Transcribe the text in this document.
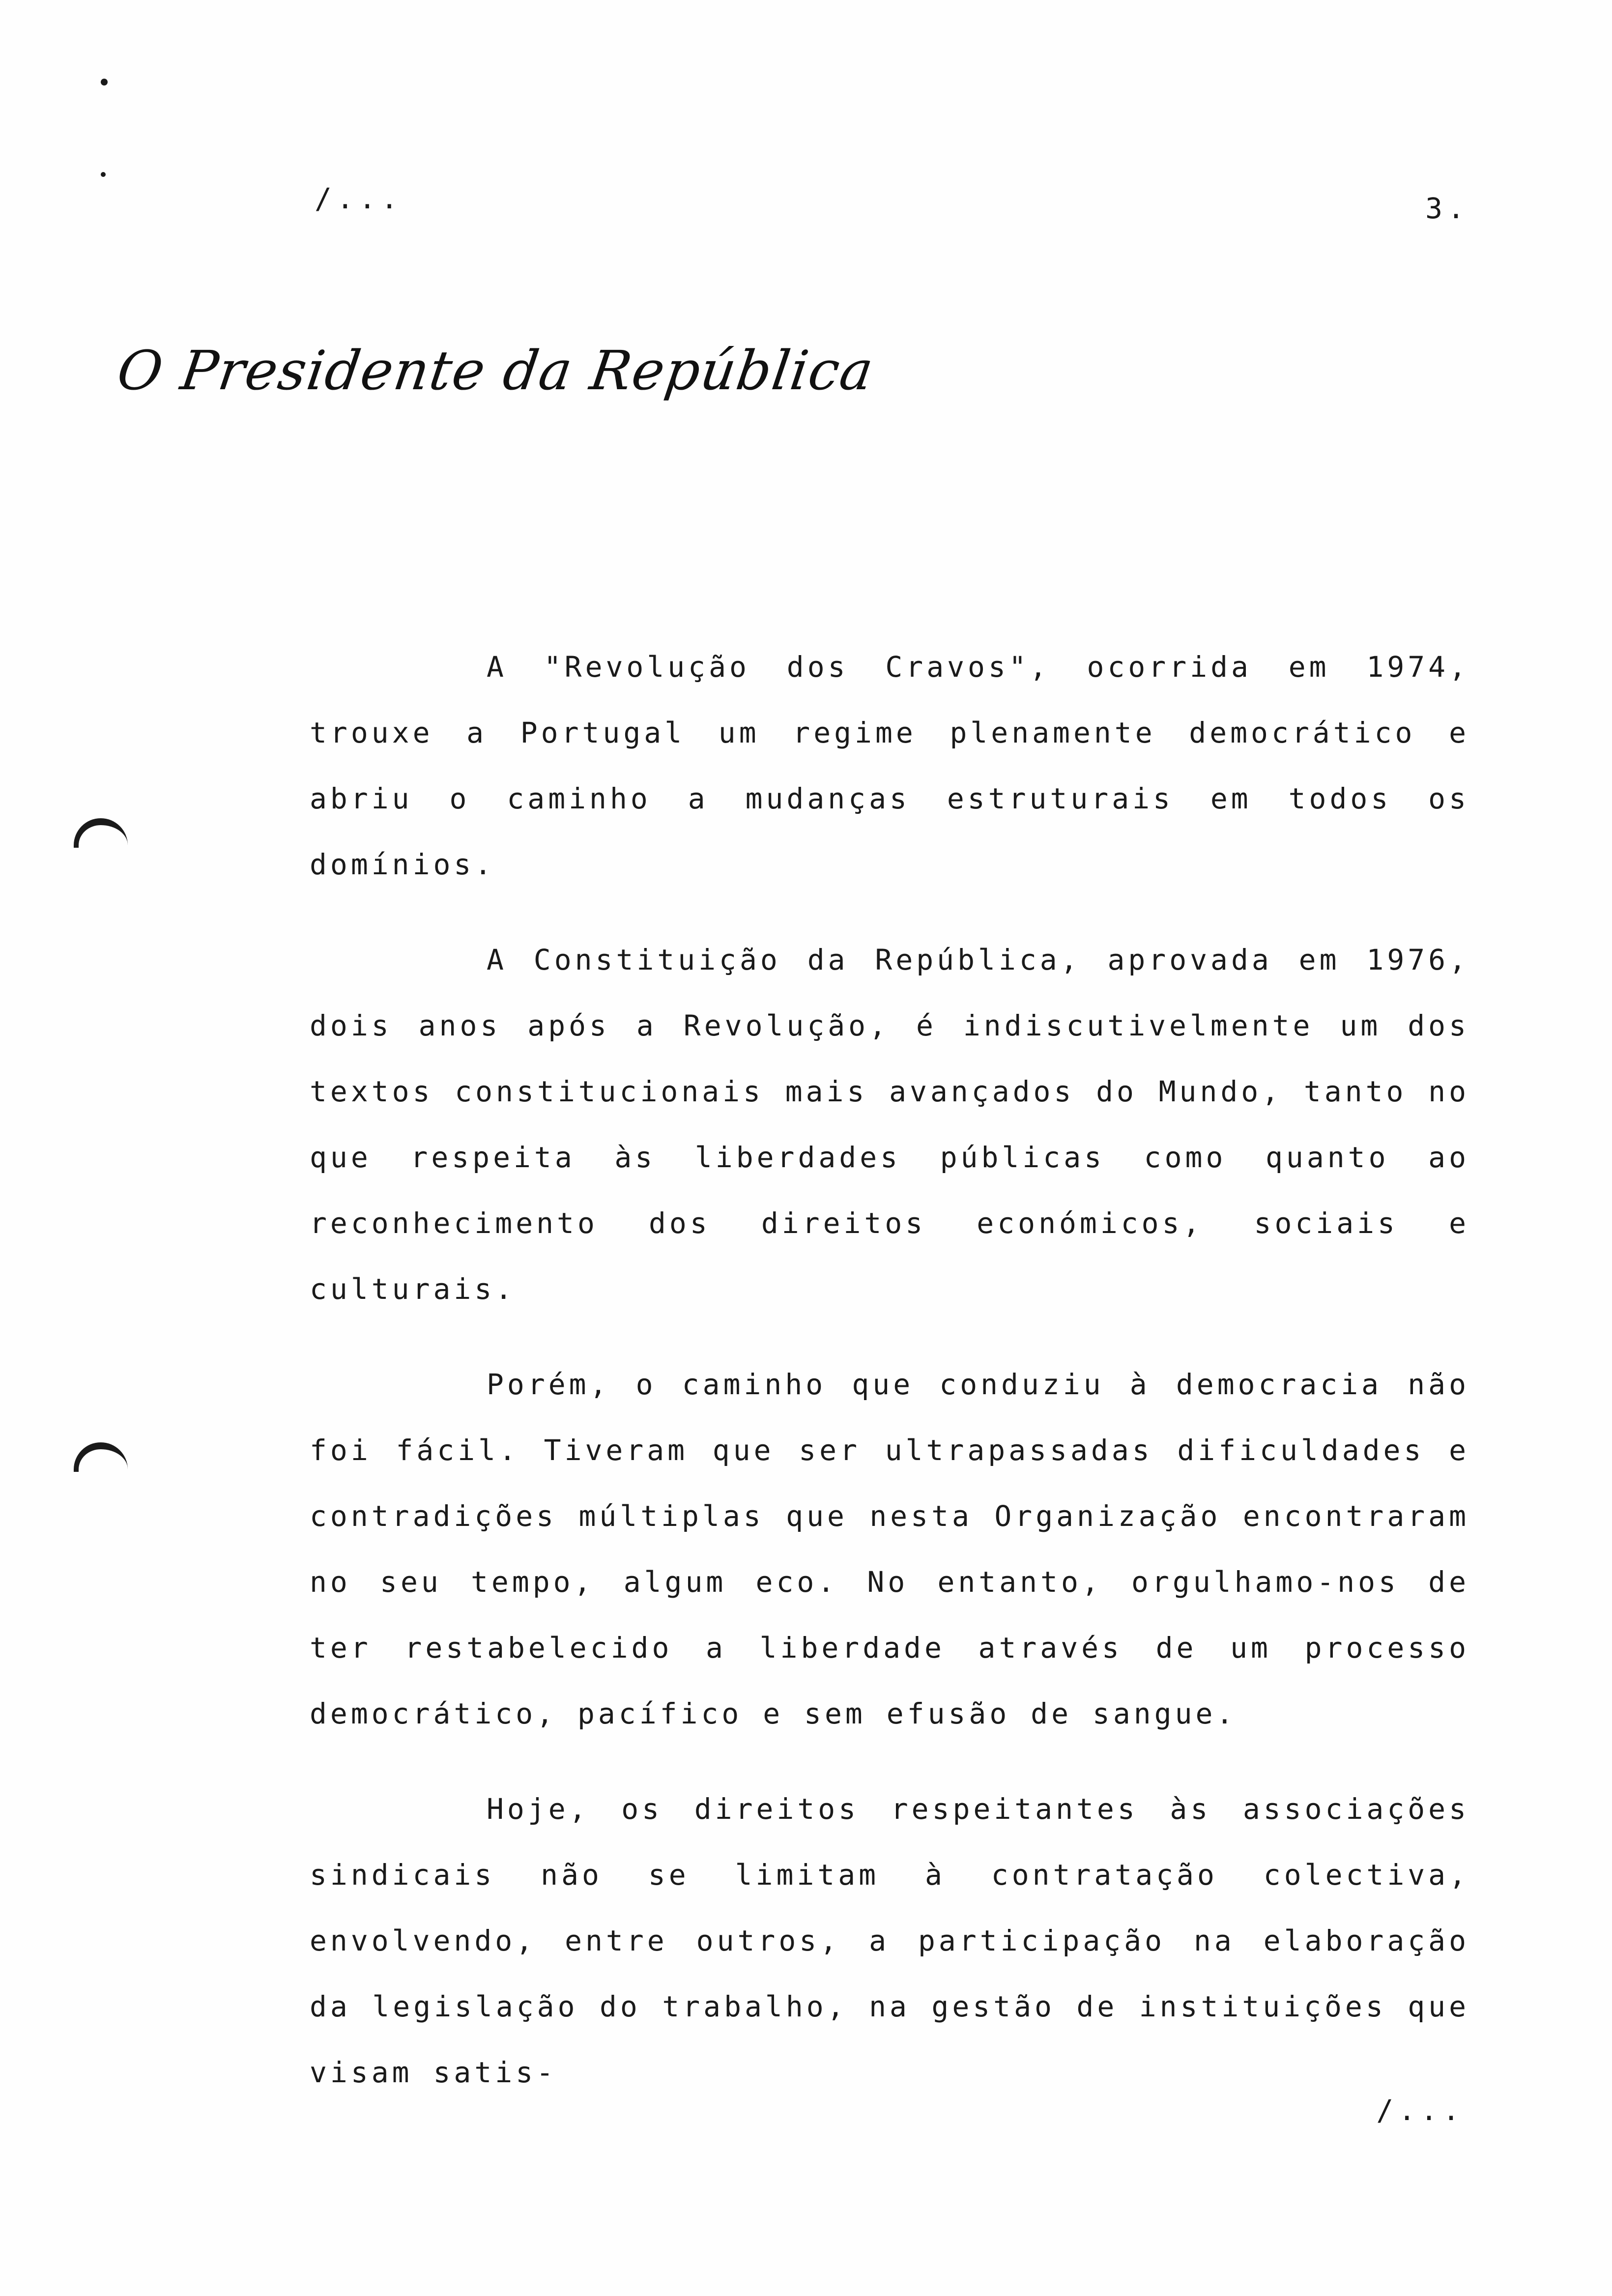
/...	3.
O Presidente da República

A "Revolução dos Cravos", ocorrida em 1974, trouxe a Portugal um regime plenamente democrático e abriu o caminho a mudanças estruturais em todos os domínios.

A Constituição da República, aprovada em 1976, dois anos após a Revolução, é indiscutivelmente um dos textos constitucionais mais avançados do Mundo, tanto no que respeita às liberdades públicas como quanto ao reconhecimento dos direitos económicos, sociais e culturais.

Porém, o caminho que conduziu à democracia não foi fácil. Tiveram que ser ultrapassadas dificuldades e contradições múltiplas que nesta Organização encontraram no seu tempo, algum eco. No entanto, orgulhamo-nos de ter restabelecido a liberdade através de um processo democrático, pacífico e sem efusão de sangue.

Hoje, os direitos respeitantes às associações sindicais não se limitam à contratação colectiva, envolvendo, entre outros, a participação na elaboração da legislação do trabalho, na gestão de instituições que visam satis-

/...
